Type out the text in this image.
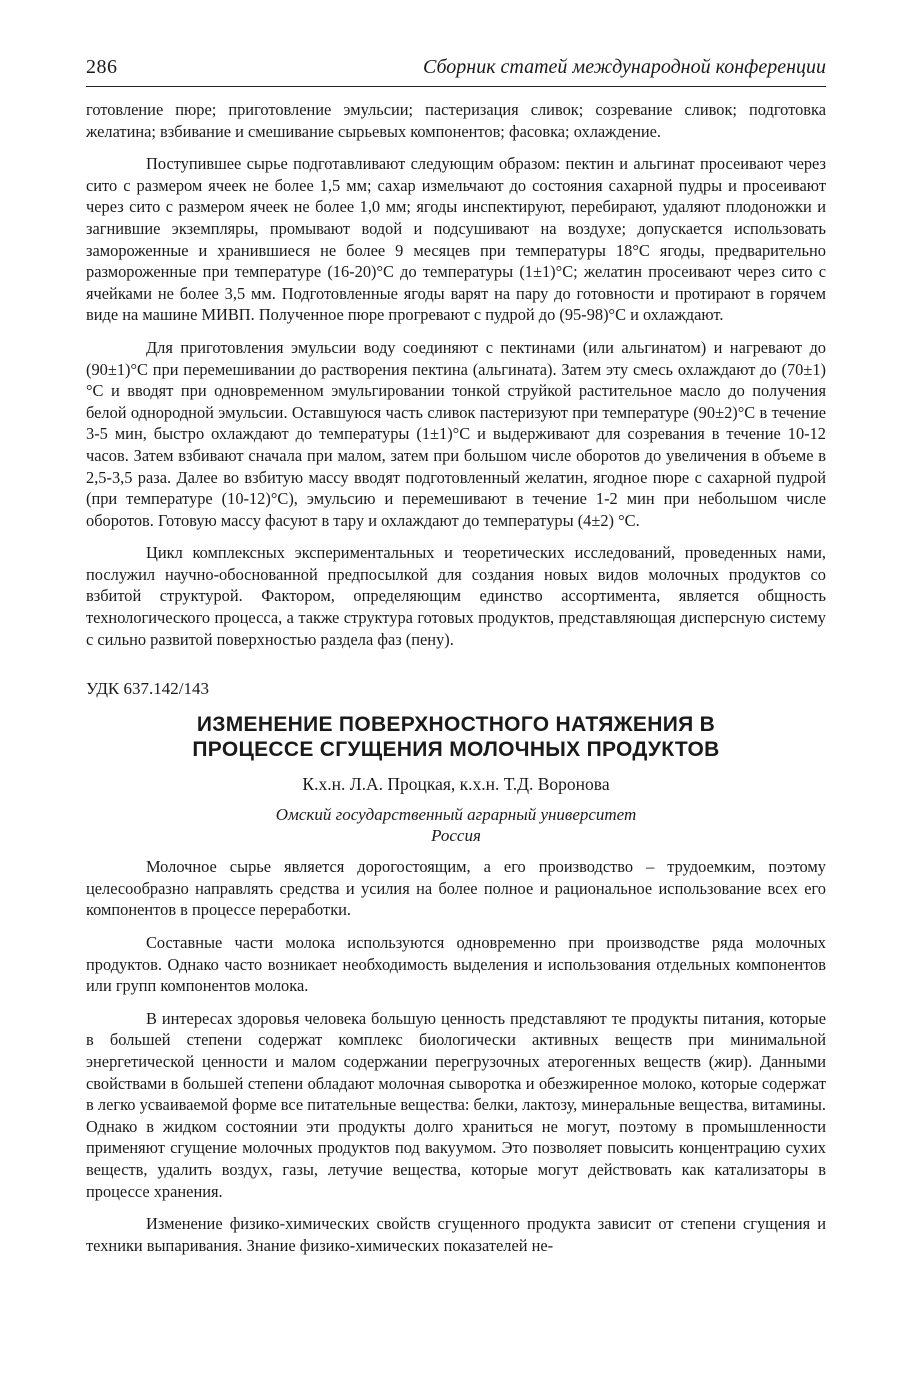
286	Сборник статей международной конференции

готовление пюре; приготовление эмульсии; пастеризация сливок; созревание сливок; подготовка желатина; взбивание и смешивание сырьевых компонентов; фасовка; охлаждение.

Поступившее сырье подготавливают следующим образом: пектин и альгинат просеивают через сито с размером ячеек не более 1,5 мм; сахар измельчают до состояния сахарной пудры и просеивают через сито с размером ячеек не более 1,0 мм; ягоды инспектируют, перебирают, удаляют плодоножки и загнившие экземпляры, промывают водой и подсушивают на воздухе; допускается использовать замороженные и хранившиеся не более 9 месяцев при температуры 18°С ягоды, предварительно размороженные при температуре (16-20)°С до температуры (1±1)°С; желатин просеивают через сито с ячейками не более 3,5 мм. Подготовленные ягоды варят на пару до готовности и протирают в горячем виде на машине МИВП. Полученное пюре прогревают с пудрой до (95-98)°С и охлаждают.

Для приготовления эмульсии воду соединяют с пектинами (или альгинатом) и нагревают до (90±1)°С при перемешивании до растворения пектина (альгината). Затем эту смесь охлаждают до (70±1)°С и вводят при одновременном эмульгировании тонкой струйкой растительное масло до получения белой однородной эмульсии. Оставшуюся часть сливок пастеризуют при температуре (90±2)°С в течение 3-5 мин, быстро охлаждают до температуры (1±1)°С и выдерживают для созревания в течение 10-12 часов. Затем взбивают сначала при малом, затем при большом числе оборотов до увеличения в объеме в 2,5-3,5 раза. Далее во взбитую массу вводят подготовленный желатин, ягодное пюре с сахарной пудрой (при температуре (10-12)°С), эмульсию и перемешивают в течение 1-2 мин при небольшом числе оборотов. Готовую массу фасуют в тару и охлаждают до температуры (4±2) °С.

Цикл комплексных экспериментальных и теоретических исследований, проведенных нами, послужил научно-обоснованной предпосылкой для создания новых видов молочных продуктов со взбитой структурой. Фактором, определяющим единство ассортимента, является общность технологического процесса, а также структура готовых продуктов, представляющая дисперсную систему с сильно развитой поверхностью раздела фаз (пену).

УДК 637.142/143
ИЗМЕНЕНИЕ ПОВЕРХНОСТНОГО НАТЯЖЕНИЯ В
ПРОЦЕССЕ СГУЩЕНИЯ МОЛОЧНЫХ ПРОДУКТОВ
К.х.н. Л.А. Процкая, к.х.н. Т.Д. Воронова
Омский государственный аграрный университет
Россия

Молочное сырье является дорогостоящим, а его производство – трудоемким, поэтому целесообразно направлять средства и усилия на более полное и рациональное использование всех его компонентов в процессе переработки.

Составные части молока используются одновременно при производстве ряда молочных продуктов. Однако часто возникает необходимость выделения и использования отдельных компонентов или групп компонентов молока.

В интересах здоровья человека большую ценность представляют те продукты питания, которые в большей степени содержат комплекс биологически активных веществ при минимальной энергетической ценности и малом содержании перегрузочных атерогенных веществ (жир). Данными свойствами в большей степени обладают молочная сыворотка и обезжиренное молоко, которые содержат в легко усваиваемой форме все питательные вещества: белки, лактозу, минеральные вещества, витамины. Однако в жидком состоянии эти продукты долго храниться не могут, поэтому в промышленности применяют сгущение молочных продуктов под вакуумом. Это позволяет повысить концентрацию сухих веществ, удалить воздух, газы, летучие вещества, которые могут действовать как катализаторы в процессе хранения.

Изменение физико-химических свойств сгущенного продукта зависит от степени сгущения и техники выпаривания. Знание физико-химических показателей не-
